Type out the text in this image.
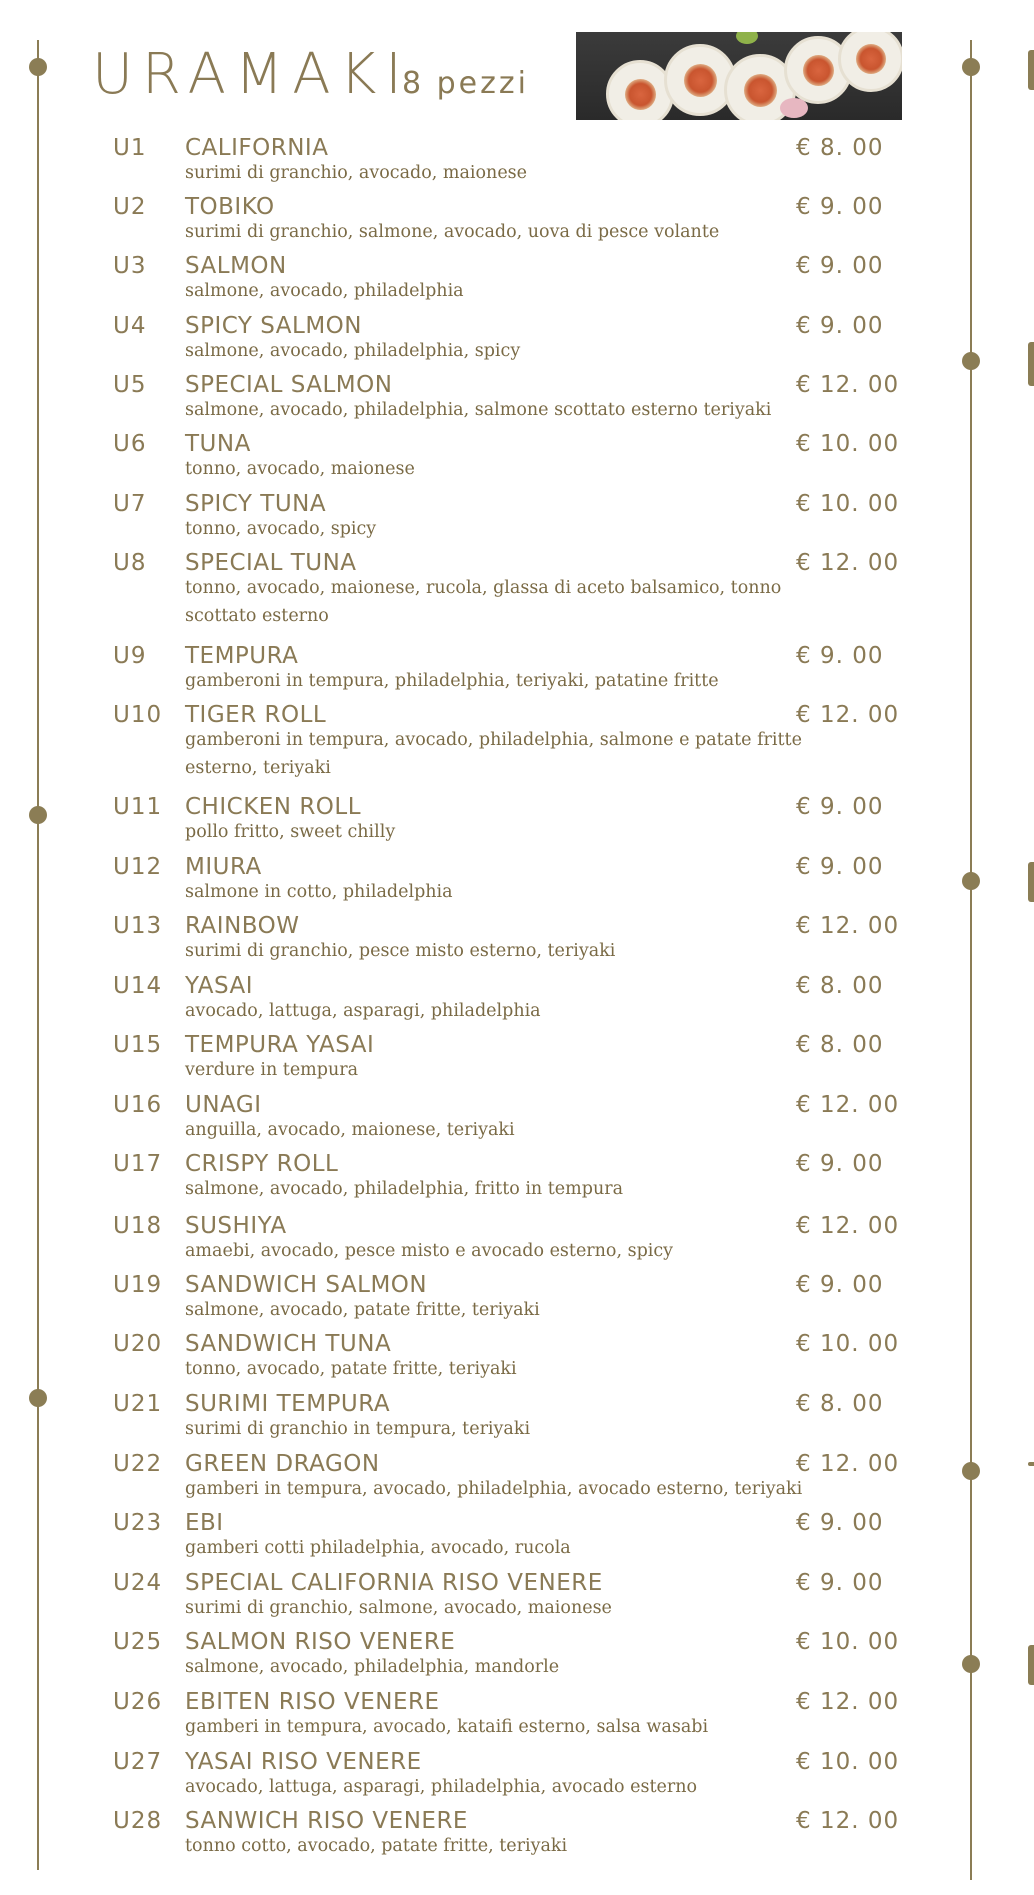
URAMAKI
8 pezzi
U1	CALIFORNIA	€ 8. 00
surimi di granchio, avocado, maionese
U2	TOBIKO	€ 9. 00
surimi di granchio, salmone, avocado, uova di pesce volante
U3	SALMON	€ 9. 00
salmone, avocado, philadelphia
U4	SPICY SALMON	€ 9. 00
salmone, avocado, philadelphia, spicy
U5	SPECIAL SALMON	€ 12. 00
salmone, avocado, philadelphia, salmone scottato esterno teriyaki
U6	TUNA	€ 10. 00
tonno, avocado, maionese
U7	SPICY TUNA	€ 10. 00
tonno, avocado, spicy
U8	SPECIAL TUNA	€ 12. 00
tonno, avocado, maionese, rucola, glassa di aceto balsamico, tonno scottato esterno
U9	TEMPURA	€ 9. 00
gamberoni in tempura, philadelphia, teriyaki, patatine fritte
U10 TIGER ROLL	€ 12. 00
gamberoni in tempura, avocado, philadelphia, salmone e patate fritte esterno, teriyaki
U11 CHICKEN ROLL	€ 9. 00
pollo fritto, sweet chilly
U12 MIURA	€ 9. 00
salmone in cotto, philadelphia
U13 RAINBOW	€ 12. 00
surimi di granchio, pesce misto esterno, teriyaki
U14 YASAI	€ 8. 00
avocado, lattuga, asparagi, philadelphia
U15 TEMPURA YASAI	€ 8. 00
verdure in tempura
U16 UNAGI	€ 12. 00
anguilla, avocado, maionese, teriyaki
U17 CRISPY ROLL	€ 9. 00
salmone, avocado, philadelphia, fritto in tempura
U18 SUSHIYA	€ 12. 00
amaebi, avocado, pesce misto e avocado esterno, spicy
U19 SANDWICH SALMON	€ 9. 00
salmone, avocado, patate fritte, teriyaki
U20 SANDWICH TUNA	€ 10. 00
tonno, avocado, patate fritte, teriyaki
U21 SURIMI TEMPURA	€ 8. 00
surimi di granchio in tempura, teriyaki
U22 GREEN DRAGON	€ 12. 00
gamberi in tempura, avocado, philadelphia, avocado esterno, teriyaki
U23 EBI	€ 9. 00
gamberi cotti philadelphia, avocado, rucola
U24 SPECIAL CALIFORNIA RISO VENERE	€ 9. 00
surimi di granchio, salmone, avocado, maionese
U25 SALMON RISO VENERE	€ 10. 00
salmone, avocado, philadelphia, mandorle
U26 EBITEN RISO VENERE	€ 12. 00
gamberi in tempura, avocado, kataifi esterno, salsa wasabi
U27 YASAI RISO VENERE	€ 10. 00
avocado, lattuga, asparagi, philadelphia, avocado esterno
U28 SANWICH RISO VENERE	€ 12. 00
tonno cotto, avocado, patate fritte, teriyaki
